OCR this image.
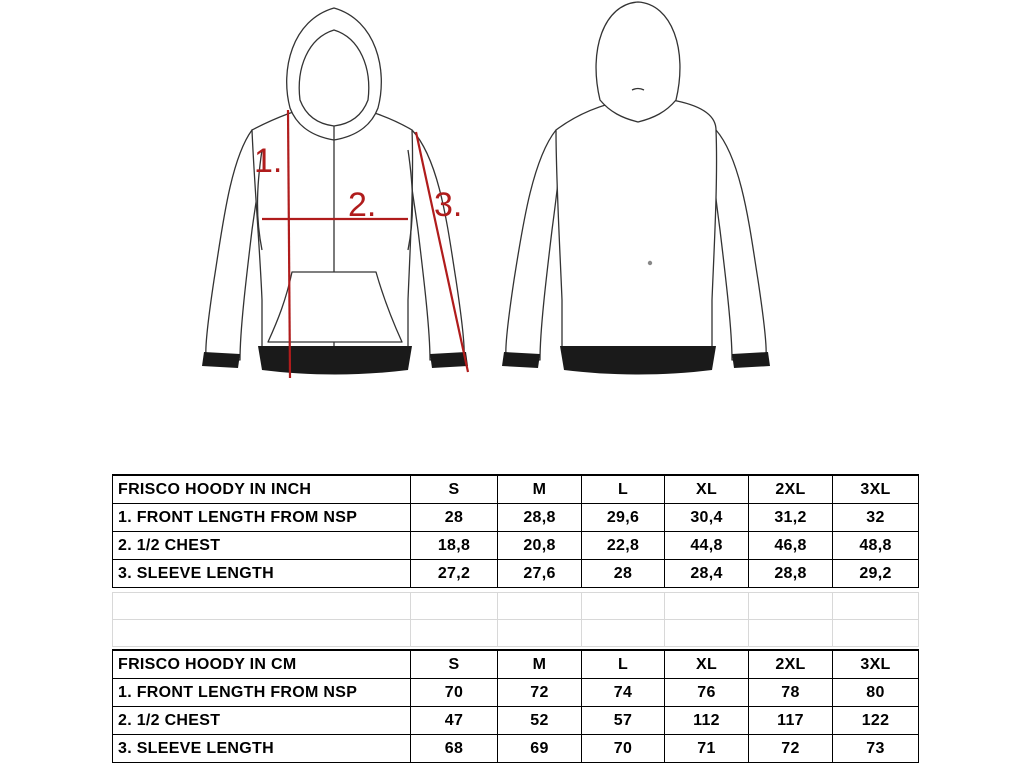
1.
2. 3.
FRISCO HOODY IN INCH	S	M	L	XL	2XL	3XL
1. FRONT LENGTH FROM NSP	28	28,8	29,6	30,4	31,2	32
2. 1/2 CHEST	18,8	20,8	22,8	44,8	46,8	48,8
3. SLEEVE LENGTH	27,2	27,6	28	28,4	28,8	29,2

FRISCO HOODY IN CM	S	M	L	XL	2XL	3XL
1. FRONT LENGTH FROM NSP	70	72	74	76	78	80
2. 1/2 CHEST	47	52	57	112	117	122
3. SLEEVE LENGTH	68	69	70	71	72	73
